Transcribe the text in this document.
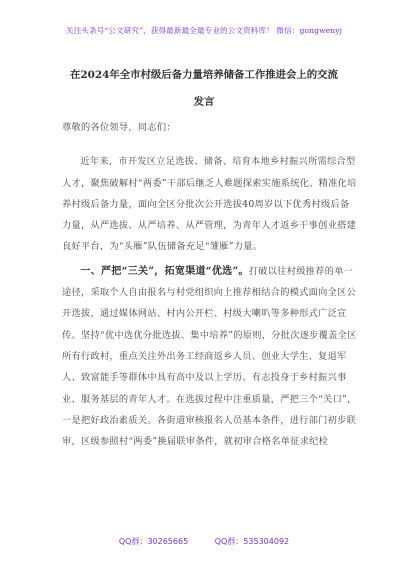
关注头条号“公文研究”，获得最新最全最专业的公文资料库！ 微信：gongwenyj
在2024年全市村级后备力量培养储备工作推进会上的交流
发言

尊敬的各位领导，同志们：

近年来，市开发区立足选拔、储备、培育本地乡村振兴所需综合型人才，聚焦破解村“两委”干部后继乏人难题探索实施系统化、精准化培养村级后备力量，面向全区分批次公开选拔40周岁以下优秀村级后备力量，从严选拔、从严培养、从严管理，为青年人才返乡干事创业搭建良好平台，为“头雁”队伍储备充足“雏雁”力量。

一、严把“三关”，拓宽渠道“优选”。打破以往村级推荐的单一途径，采取个人自由报名与村党组织向上推荐相结合的模式面向全区公开选拔，通过媒体网站、村内公开栏、村级大喇叭等多种形式广泛宣传。坚持“优中选优分批选拔、集中培养”的原则，分批次逐步覆盖全区所有行政村，重点关注外出务工经商返乡人员、创业大学生、复退军人、致富能手等群体中具有高中及以上学历、有志投身于乡村振兴事业、服务基层的青年人才。在选拔过程中注重质量，严把三个“关口”，一是把好政治素质关。各街道审核报名人员基本条件，进行部门初步联审，区级参照村“两委”换届联审条件，就初审合格名单征求纪检

QQ群：30265665	QQ群：535304092
